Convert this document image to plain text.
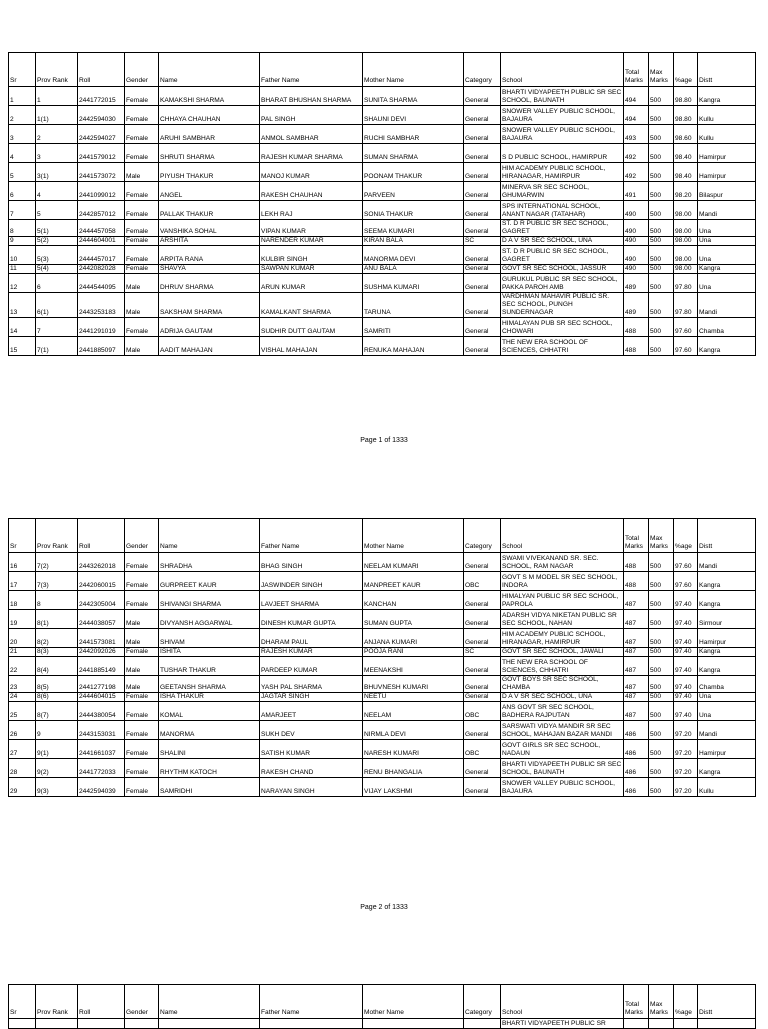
Sr	Prov Rank	Roll	Gender	Name	Father Name	Mother Name	Category	School	Total Marks	Max Marks	%age	Distt
1	1	2441772015	Female	KAMAKSHI SHARMA	BHARAT BHUSHAN SHARMA	SUNITA SHARMA	General	BHARTI VIDYAPEETH PUBLIC SR SEC SCHOOL, BAUNATH	494	500	98.80	Kangra
2	1(1)	2442594030	Female	CHHAYA CHAUHAN	PAL SINGH	SHAUNI DEVI	General	SNOWER VALLEY PUBLIC SCHOOL, BAJAURA	494	500	98.80	Kullu
3	2	2442594027	Female	ARUHI SAMBHAR	ANMOL SAMBHAR	RUCHI SAMBHAR	General	SNOWER VALLEY PUBLIC SCHOOL, BAJAURA	493	500	98.60	Kullu
4	3	2441579012	Female	SHRUTI SHARMA	RAJESH KUMAR SHARMA	SUMAN SHARMA	General	S D PUBLIC SCHOOL, HAMIRPUR	492	500	98.40	Hamirpur
5	3(1)	2441573072	Male	PIYUSH THAKUR	MANOJ KUMAR	POONAM THAKUR	General	HIM ACADEMY PUBLIC SCHOOL, HIRANAGAR, HAMIRPUR	492	500	98.40	Hamirpur
6	4	2441099012	Female	ANGEL	RAKESH CHAUHAN	PARVEEN	General	MINERVA SR SEC SCHOOL, GHUMARWIN	491	500	98.20	Bilaspur
7	5	2442857012	Female	PALLAK THAKUR	LEKH RAJ	SONIA THAKUR	General	SPS INTERNATIONAL SCHOOL, ANANT NAGAR (TATAHAR)	490	500	98.00	Mandi
8	5(1)	2444457058	Female	VANSHIKA SOHAL	VIPAN KUMAR	SEEMA KUMARI	General	ST. D R PUBLIC SR SEC SCHOOL, GAGRET	490	500	98.00	Una
9	5(2)	2444604001	Female	ARSHITA	NARENDER KUMAR	KIRAN BALA	SC	D A V SR SEC SCHOOL, UNA	490	500	98.00	Una
10	5(3)	2444457017	Female	ARPITA RANA	KULBIR SINGH	MANORMA DEVI	General	ST. D R PUBLIC SR SEC SCHOOL, GAGRET	490	500	98.00	Una
11	5(4)	2442082028	Female	SHAVYA	SAWPAN KUMAR	ANU BALA	General	GOVT SR SEC SCHOOL, JASSUR	490	500	98.00	Kangra
12	6	2444544095	Male	DHRUV SHARMA	ARUN KUMAR	SUSHMA KUMARI	General	GURUKUL PUBLIC SR SEC SCHOOL, PAKKA PAROH AMB	489	500	97.80	Una
13	6(1)	2443253183	Male	SAKSHAM SHARMA	KAMALKANT SHARMA	TARUNA	General	VARDHMAN MAHAVIR PUBLIC SR. SEC SCHOOL, PUNGH SUNDERNAGAR	489	500	97.80	Mandi
14	7	2441291019	Female	ADRIJA GAUTAM	SUDHIR DUTT GAUTAM	SAMRITI	General	HIMALAYAN PUB SR SEC SCHOOL, CHOWARI	488	500	97.60	Chamba
15	7(1)	2441885097	Male	AADIT MAHAJAN	VISHAL MAHAJAN	RENUKA MAHAJAN	General	THE NEW ERA SCHOOL OF SCIENCES, CHHATRI	488	500	97.60	Kangra
Page 1 of 1333
Sr	Prov Rank	Roll	Gender	Name	Father Name	Mother Name	Category	School	Total Marks	Max Marks	%age	Distt
16	7(2)	2443262018	Female	SHRADHA	BHAG SINGH	NEELAM KUMARI	General	SWAMI VIVEKANAND SR. SEC. SCHOOL, RAM NAGAR	488	500	97.60	Mandi
17	7(3)	2442060015	Female	GURPREET KAUR	JASWINDER SINGH	MANPREET KAUR	OBC	GOVT S M MODEL SR SEC SCHOOL, INDORA	488	500	97.60	Kangra
18	8	2442305004	Female	SHIVANGI SHARMA	LAVJEET SHARMA	KANCHAN	General	HIMALYAN PUBLIC SR SEC SCHOOL, PAPROLA	487	500	97.40	Kangra
19	8(1)	2444038057	Male	DIVYANSH AGGARWAL	DINESH KUMAR GUPTA	SUMAN GUPTA	General	ADARSH VIDYA NIKETAN PUBLIC SR SEC SCHOOL, NAHAN	487	500	97.40	Sirmour
20	8(2)	2441573081	Male	SHIVAM	DHARAM PAUL	ANJANA KUMARI	General	HIM ACADEMY PUBLIC SCHOOL, HIRANAGAR, HAMIRPUR	487	500	97.40	Hamirpur
21	8(3)	2442092026	Female	ISHITA	RAJESH KUMAR	POOJA RANI	SC	GOVT SR SEC SCHOOL, JAWALI	487	500	97.40	Kangra
22	8(4)	2441885149	Male	TUSHAR THAKUR	PARDEEP KUMAR	MEENAKSHI	General	THE NEW ERA SCHOOL OF SCIENCES, CHHATRI	487	500	97.40	Kangra
23	8(5)	2441277198	Male	GEETANSH SHARMA	YASH PAL SHARMA	BHUVNESH KUMARI	General	GOVT BOYS SR SEC SCHOOL, CHAMBA	487	500	97.40	Chamba
24	8(6)	2444604015	Female	ISHA THAKUR	JAGTAR SINGH	NEETU	General	D A V SR SEC SCHOOL, UNA	487	500	97.40	Una
25	8(7)	2444380054	Female	KOMAL	AMARJEET	NEELAM	OBC	ANS GOVT SR SEC SCHOOL, BADHERA RAJPUTAN	487	500	97.40	Una
26	9	2443153031	Female	MANORMA	SUKH DEV	NIRMLA DEVI	General	SARSWATI VIDYA MANDIR SR SEC SCHOOL, MAHAJAN BAZAR MANDI	486	500	97.20	Mandi
27	9(1)	2441661037	Female	SHALINI	SATISH KUMAR	NARESH KUMARI	OBC	GOVT GIRLS SR SEC SCHOOL, NADAUN	486	500	97.20	Hamirpur
28	9(2)	2441772033	Female	RHYTHM KATOCH	RAKESH CHAND	RENU BHANGALIA	General	BHARTI VIDYAPEETH PUBLIC SR SEC SCHOOL, BAUNATH	486	500	97.20	Kangra
29	9(3)	2442594039	Female	SAMRIDHI	NARAYAN SINGH	VIJAY LAKSHMI	General	SNOWER VALLEY PUBLIC SCHOOL, BAJAURA	486	500	97.20	Kullu
Page 2 of 1333
Sr	Prov Rank	Roll	Gender	Name	Father Name	Mother Name	Category	School	Total Marks	Max Marks	%age	Distt
								BHARTI VIDYAPEETH PUBLIC SR				
